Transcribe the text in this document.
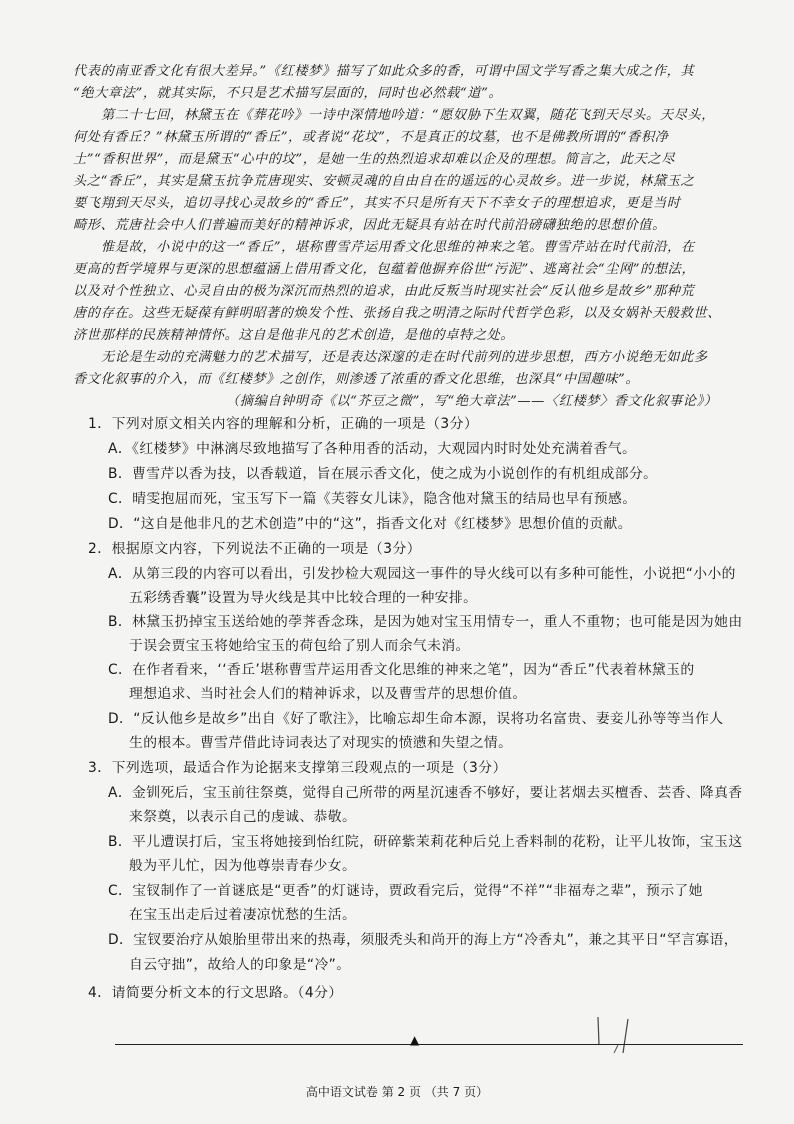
代表的南亚香文化有很大差异。”《红楼梦》描写了如此众多的香，可谓中国文学写香之集大成之作，其
“绝大章法”，就其实际，不只是艺术描写层面的，同时也必然载“道”。
第二十七回，林黛玉在《葬花吟》一诗中深情地吟道：“愿奴胁下生双翼，随花飞到天尽头。天尽头，
何处有香丘？”林黛玉所谓的“香丘”，或者说“花坟”，不是真正的坟墓，也不是佛教所谓的“香积净
土”“香积世界”，而是黛玉“心中的坟”，是她一生的热烈追求却难以企及的理想。简言之，此天之尽
头之“香丘”，其实是黛玉抗争荒唐现实、安顿灵魂的自由自在的遥远的心灵故乡。进一步说，林黛玉之
要飞翔到天尽头，追切寻找心灵故乡的“香丘”，其实不只是所有天下不幸女子的理想追求，更是当时
畸形、荒唐社会中人们普遍而美好的精神诉求，因此无疑具有站在时代前沿磅礴独绝的思想价值。
惟是故，小说中的这一“香丘”，堪称曹雪芹运用香文化思维的神来之笔。曹雪芹站在时代前沿，在
更高的哲学境界与更深的思想蕴涵上借用香文化，包蕴着他摒弃俗世“污泥”、逃离社会“尘网”的想法，
以及对个性独立、心灵自由的极为深沉而热烈的追求，由此反叛当时现实社会“反认他乡是故乡”那种荒
唐的存在。这些无疑葆有鲜明昭著的焕发个性、张扬自我之明清之际时代哲学色彩，以及女娲补天般救世、
济世那样的民族精神情怀。这自是他非凡的艺术创造，是他的卓特之处。
无论是生动的充满魅力的艺术描写，还是表达深邃的走在时代前列的进步思想，西方小说绝无如此多
香文化叙事的介入，而《红楼梦》之创作，则渗透了浓重的香文化思维，也深具“中国趣味”。
（摘编自钟明奇《以“芥豆之微”，写“绝大章法”——〈红楼梦〉香文化叙事论》）
1．下列对原文相关内容的理解和分析，正确的一项是（3分）
A．《红楼梦》中淋漓尽致地描写了各种用香的活动，大观园内时时处处充满着香气。
B．曹雪芹以香为技，以香载道，旨在展示香文化，使之成为小说创作的有机组成部分。
C．晴雯抱屈而死，宝玉写下一篇《芙蓉女儿诔》，隐含他对黛玉的结局也早有预感。
D．“这自是他非凡的艺术创造”中的“这”，指香文化对《红楼梦》思想价值的贡献。
2．根据原文内容，下列说法不正确的一项是（3分）
A．从第三段的内容可以看出，引发抄检大观园这一事件的导火线可以有多种可能性，小说把“小小的
五彩绣香囊”设置为导火线是其中比较合理的一种安排。
B．林黛玉扔掉宝玉送给她的荸荠香念珠，是因为她对宝玉用情专一，重人不重物；也可能是因为她由
于误会贾宝玉将她给宝玉的荷包给了别人而余气未消。
C．在作者看来，‘‘香丘’堪称曹雪芹运用香文化思维的神来之笔”，因为“香丘”代表着林黛玉的
理想追求、当时社会人们的精神诉求，以及曹雪芹的思想价值。
D．“反认他乡是故乡”出自《好了歌注》，比喻忘却生命本源，误将功名富贵、妻妾儿孙等等当作人
生的根本。曹雪芹借此诗词表达了对现实的愤懑和失望之情。
3．下列选项，最适合作为论据来支撑第三段观点的一项是（3分）
A．金钏死后，宝玉前往祭奠，觉得自己所带的两星沉速香不够好，要让茗烟去买檀香、芸香、降真香
来祭奠，以表示自己的虔诚、恭敬。
B．平儿遭误打后，宝玉将她接到怡红院，研碎紫茉莉花种后兑上香料制的花粉，让平儿妆饰，宝玉这
般为平儿忙，因为他尊崇青春少女。
C．宝钗制作了一首谜底是“更香”的灯谜诗，贾政看完后，觉得“不祥”“非福寿之辈”，预示了她
在宝玉出走后过着凄凉忧愁的生活。
D．宝钗要治疗从娘胎里带出来的热毒，须服秃头和尚开的海上方“冷香丸”，兼之其平日“罕言寡语，
自云守拙”，故给人的印象是“冷”。
4．请简要分析文本的行文思路。（4分）
▲
高中语文试卷 第 2 页 （共 7 页）
